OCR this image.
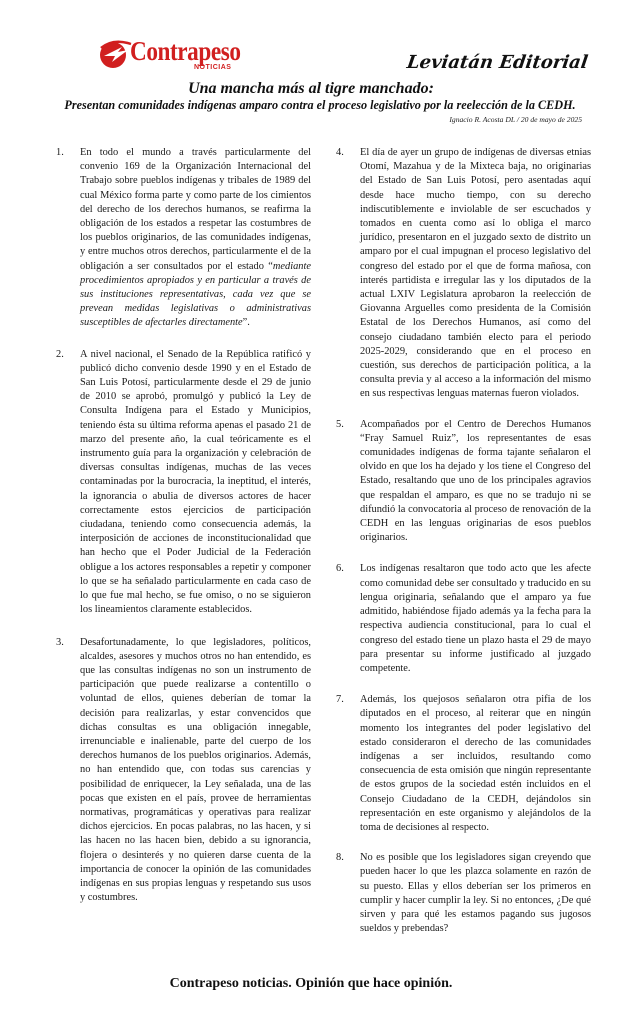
Contrapeso
NOTICIAS	Leviatán Editorial
Una mancha más al tigre manchado:
Presentan comunidades indígenas amparo contra el proceso legislativo por la reelección de la CEDH.
Ignacio R. Acosta DL / 20 de mayo de 2025
1. En todo el mundo a través particularmente del convenio 169 de la Organización Internacional del Trabajo sobre pueblos indígenas y tribales de 1989 del cual México forma parte y como parte de los cimientos del derecho de los derechos humanos, se reafirma la obligación de los estados a respetar las costumbres de los pueblos originarios, de las comunidades indígenas, y entre muchos otros derechos, particularmente el de la obligación a ser consultados por el estado “mediante procedimientos apropiados y en particular a través de sus instituciones representativas, cada vez que se prevean medidas legislativas o administrativas susceptibles de afectarles directamente”.
2. A nivel nacional, el Senado de la República ratificó y publicó dicho convenio desde 1990 y en el Estado de San Luis Potosí, particularmente desde el 29 de junio de 2010 se aprobó, promulgó y publicó la Ley de Consulta Indígena para el Estado y Municipios, teniendo ésta su última reforma apenas el pasado 21 de marzo del presente año, la cual teóricamente es el instrumento guía para la organización y celebración de diversas consultas indígenas, muchas de las veces contaminadas por la burocracia, la ineptitud, el interés, la ignorancia o abulia de diversos actores de hacer correctamente estos ejercicios de participación ciudadana, teniendo como consecuencia además, la interposición de acciones de inconstitucionalidad que han hecho que el Poder Judicial de la Federación obligue a los actores responsables a repetir y componer lo que se ha señalado particularmente en cada caso de lo que fue mal hecho, se fue omiso, o no se siguieron los lineamientos claramente establecidos.
3. Desafortunadamente, lo que legisladores, políticos, alcaldes, asesores y muchos otros no han entendido, es que las consultas indígenas no son un instrumento de participación que puede realizarse a contentillo o voluntad de ellos, quienes deberían de tomar la decisión para realizarlas, y estar convencidos que dichas consultas es una obligación innegable, irrenunciable e inalienable, parte del cuerpo de los derechos humanos de los pueblos originarios. Además, no han entendido que, con todas sus carencias y posibilidad de enriquecer, la Ley señalada, una de las pocas que existen en el país, provee de herramientas normativas, programáticas y operativas para realizar dichos ejercicios. En pocas palabras, no las hacen, y si las hacen no las hacen bien, debido a su ignorancia, flojera o desinterés y no quieren darse cuenta de la importancia de conocer la opinión de las comunidades indígenas en sus propias lenguas y respetando sus usos y costumbres.
4. El día de ayer un grupo de indígenas de diversas etnias Otomí, Mazahua y de la Mixteca baja, no originarias del Estado de San Luis Potosí, pero asentadas aquí desde hace mucho tiempo, con su derecho indiscutiblemente e inviolable de ser escuchados y tomados en cuenta como así lo obliga el marco jurídico, presentaron en el juzgado sexto de distrito un amparo por el cual impugnan el proceso legislativo del congreso del estado por el que de forma mañosa, con interés partidista e irregular las y los diputados de la actual LXIV Legislatura aprobaron la reelección de Giovanna Arguelles como presidenta de la Comisión Estatal de los Derechos Humanos, así como del consejo ciudadano también electo para el periodo 2025-2029, considerando que en el proceso en cuestión, sus derechos de participación política, a la consulta previa y al acceso a la información del mismo en sus respectivas lenguas maternas fueron violados.
5. Acompañados por el Centro de Derechos Humanos “Fray Samuel Ruiz”, los representantes de esas comunidades indígenas de forma tajante señalaron el olvido en que los ha dejado y los tiene el Congreso del Estado, resaltando que uno de los principales agravios que respaldan el amparo, es que no se tradujo ni se difundió la convocatoria al proceso de renovación de la CEDH en las lenguas originarias de esos pueblos originarios.
6. Los indígenas resaltaron que todo acto que les afecte como comunidad debe ser consultado y traducido en su lengua originaria, señalando que el amparo ya fue admitido, habiéndose fijado además ya la fecha para la respectiva audiencia constitucional, para lo cual el congreso del estado tiene un plazo hasta el 29 de mayo para presentar su informe justificado al juzgado competente.
7. Además, los quejosos señalaron otra pifia de los diputados en el proceso, al reiterar que en ningún momento los integrantes del poder legislativo del estado consideraron el derecho de las comunidades indígenas a ser incluidos, resultando como consecuencia de esta omisión que ningún representante de estos grupos de la sociedad estén incluidos en el Consejo Ciudadano de la CEDH, dejándolos sin representación en este organismo y alejándolos de la toma de decisiones al respecto.
8. No es posible que los legisladores sigan creyendo que pueden hacer lo que les plazca solamente en razón de su puesto. Ellas y ellos deberían ser los primeros en cumplir y hacer cumplir la ley. Si no entonces, ¿De qué sirven y para qué les estamos pagando sus jugosos sueldos y prebendas?
Contrapeso noticias. Opinión que hace opinión.
